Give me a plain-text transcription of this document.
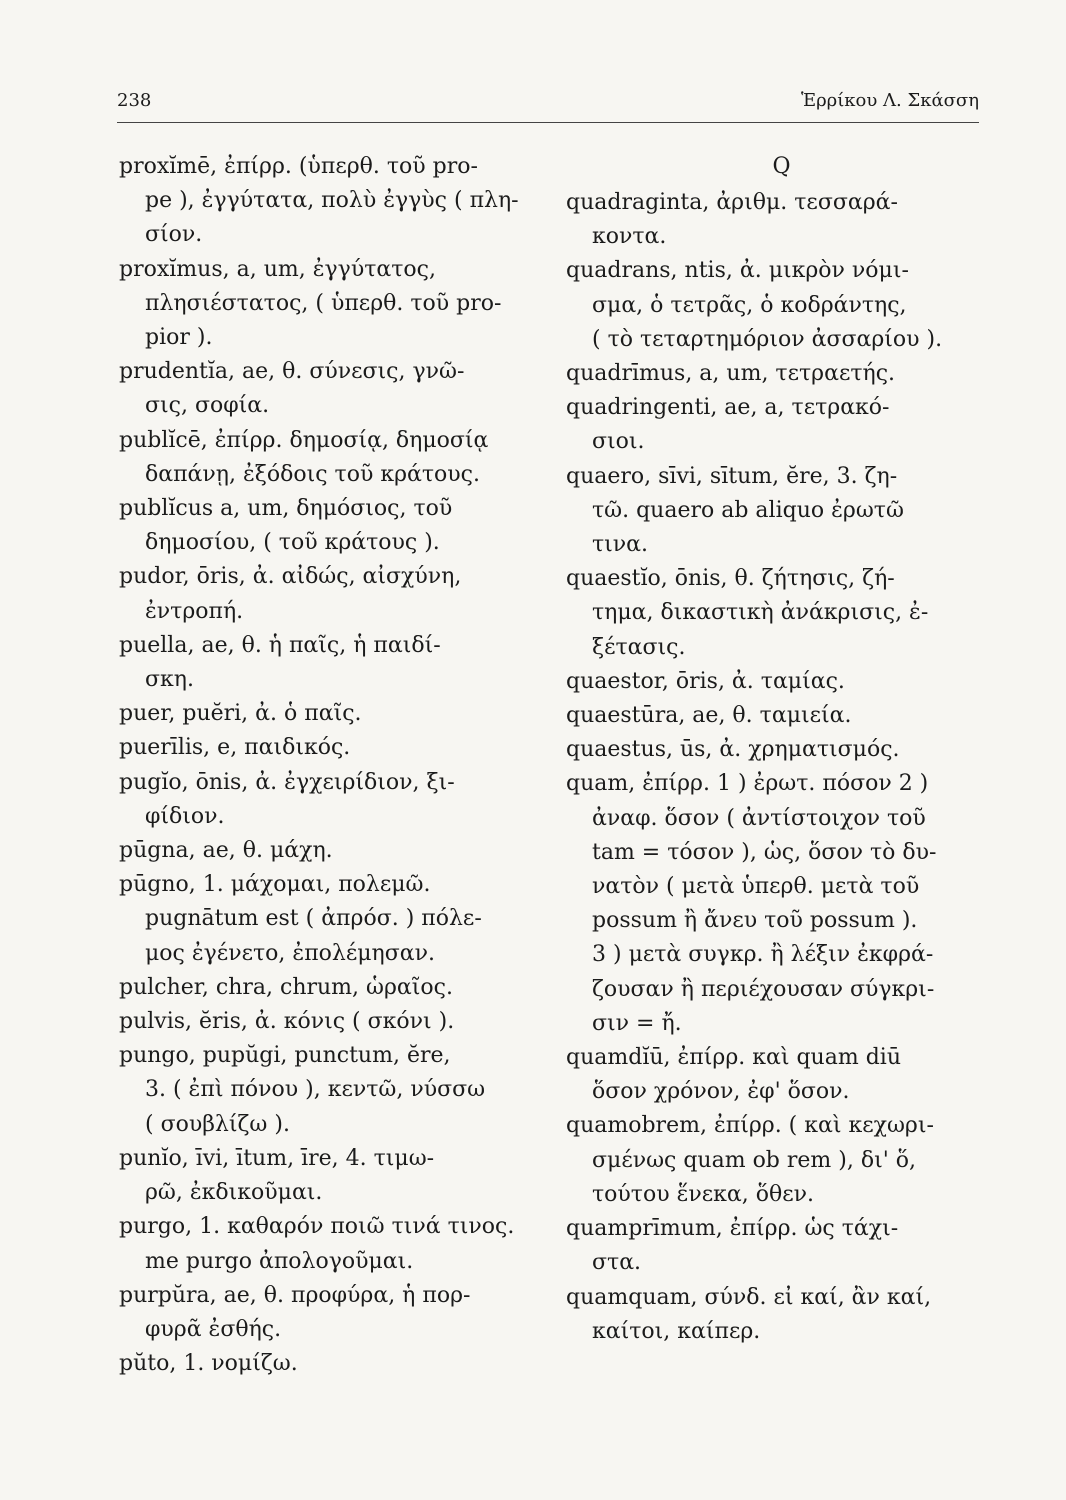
238	Ἑρρίκου Λ. Σκάσση
proxĭmē, ἐπίρρ. (ὑπερθ. τοῦ pro-
pe ), ἐγγύτατα, πολὺ ἐγγὺς ( πλη-
σίον.
proxĭmus, a, um, ἐγγύτατος,
πλησιέστατος, ( ὑπερθ. τοῦ pro-
pior ).
prudentĭa, ae, θ. σύνεσις, γνῶ-
σις, σοφία.
publĭcē, ἐπίρρ. δημοσίᾳ, δημοσίᾳ
δαπάνῃ, ἐξόδοις τοῦ κράτους.
publĭcus a, um, δημόσιος, τοῦ
δημοσίου, ( τοῦ κράτους ).
pudor, ōris, ἀ. αἰδώς, αἰσχύνη,
ἐντροπή.
puella, ae, θ. ἡ παῖς, ἡ παιδί-
σκη.
puer, puĕri, ἀ. ὁ παῖς.
puerīlis, e, παιδικός.
pugĭo, ōnis, ἀ. ἐγχειρίδιον, ξι-
φίδιον.
pūgna, ae, θ. μάχη.
pūgno, 1. μάχομαι, πολεμῶ.
pugnātum est ( ἀπρόσ. ) πόλε-
μος ἐγένετο, ἐπολέμησαν.
pulcher, chra, chrum, ὡραῖος.
pulvis, ĕris, ἀ. κόνις ( σκόνι ).
pungo, pupŭgi, punctum, ĕre,
3. ( ἐπὶ πόνου ), κεντῶ, νύσσω
( σουβλίζω ).
punĭo, īvi, ītum, īre, 4. τιμω-
ρῶ, ἐκδικοῦμαι.
purgo, 1. καθαρόν ποιῶ τινά τινος.
me purgo ἀπολογοῦμαι.
purpŭra, ae, θ. προφύρα, ἡ πορ-
φυρᾶ ἐσθής.
pŭto, 1. νομίζω.
Q
quadraginta, ἀριθμ. τεσσαρά-
κοντα.
quadrans, ntis, ἀ. μικρὸν νόμι-
σμα, ὁ τετρᾶς, ὁ κοδράντης,
( τὸ τεταρτημόριον ἀσσαρίου ).
quadrīmus, a, um, τετραετής.
quadringenti, ae, a, τετρακό-
σιοι.
quaero, sīvi, sītum, ĕre, 3. ζη-
τῶ. quaero ab aliquo ἐρωτῶ
τινα.
quaestĭo, ōnis, θ. ζήτησις, ζή-
τημα, δικαστικὴ ἀνάκρισις, ἐ-
ξέτασις.
quaestor, ōris, ἀ. ταμίας.
quaestūra, ae, θ. ταμιεία.
quaestus, ūs, ἀ. χρηματισμός.
quam, ἐπίρρ. 1 ) ἐρωτ. πόσον 2 )
ἀναφ. ὅσον ( ἀντίστοιχον τοῦ
tam = τόσον ), ὡς, ὅσον τὸ δυ-
νατὸν ( μετὰ ὑπερθ. μετὰ τοῦ
possum ἢ ἄνευ τοῦ possum ).
3 ) μετὰ συγκρ. ἢ λέξιν ἐκφρά-
ζουσαν ἢ περιέχουσαν σύγκρι-
σιν = ἤ.
quamdĭū, ἐπίρρ. καὶ quam diū
ὅσον χρόνον, ἐφ' ὅσον.
quamobrem, ἐπίρρ. ( καὶ κεχωρι-
σμένως quam ob rem ), δι' ὅ,
τούτου ἕνεκα, ὅθεν.
quamprīmum, ἐπίρρ. ὡς τάχι-
στα.
quamquam, σύνδ. εἰ καί, ἂν καί,
καίτοι, καίπερ.
